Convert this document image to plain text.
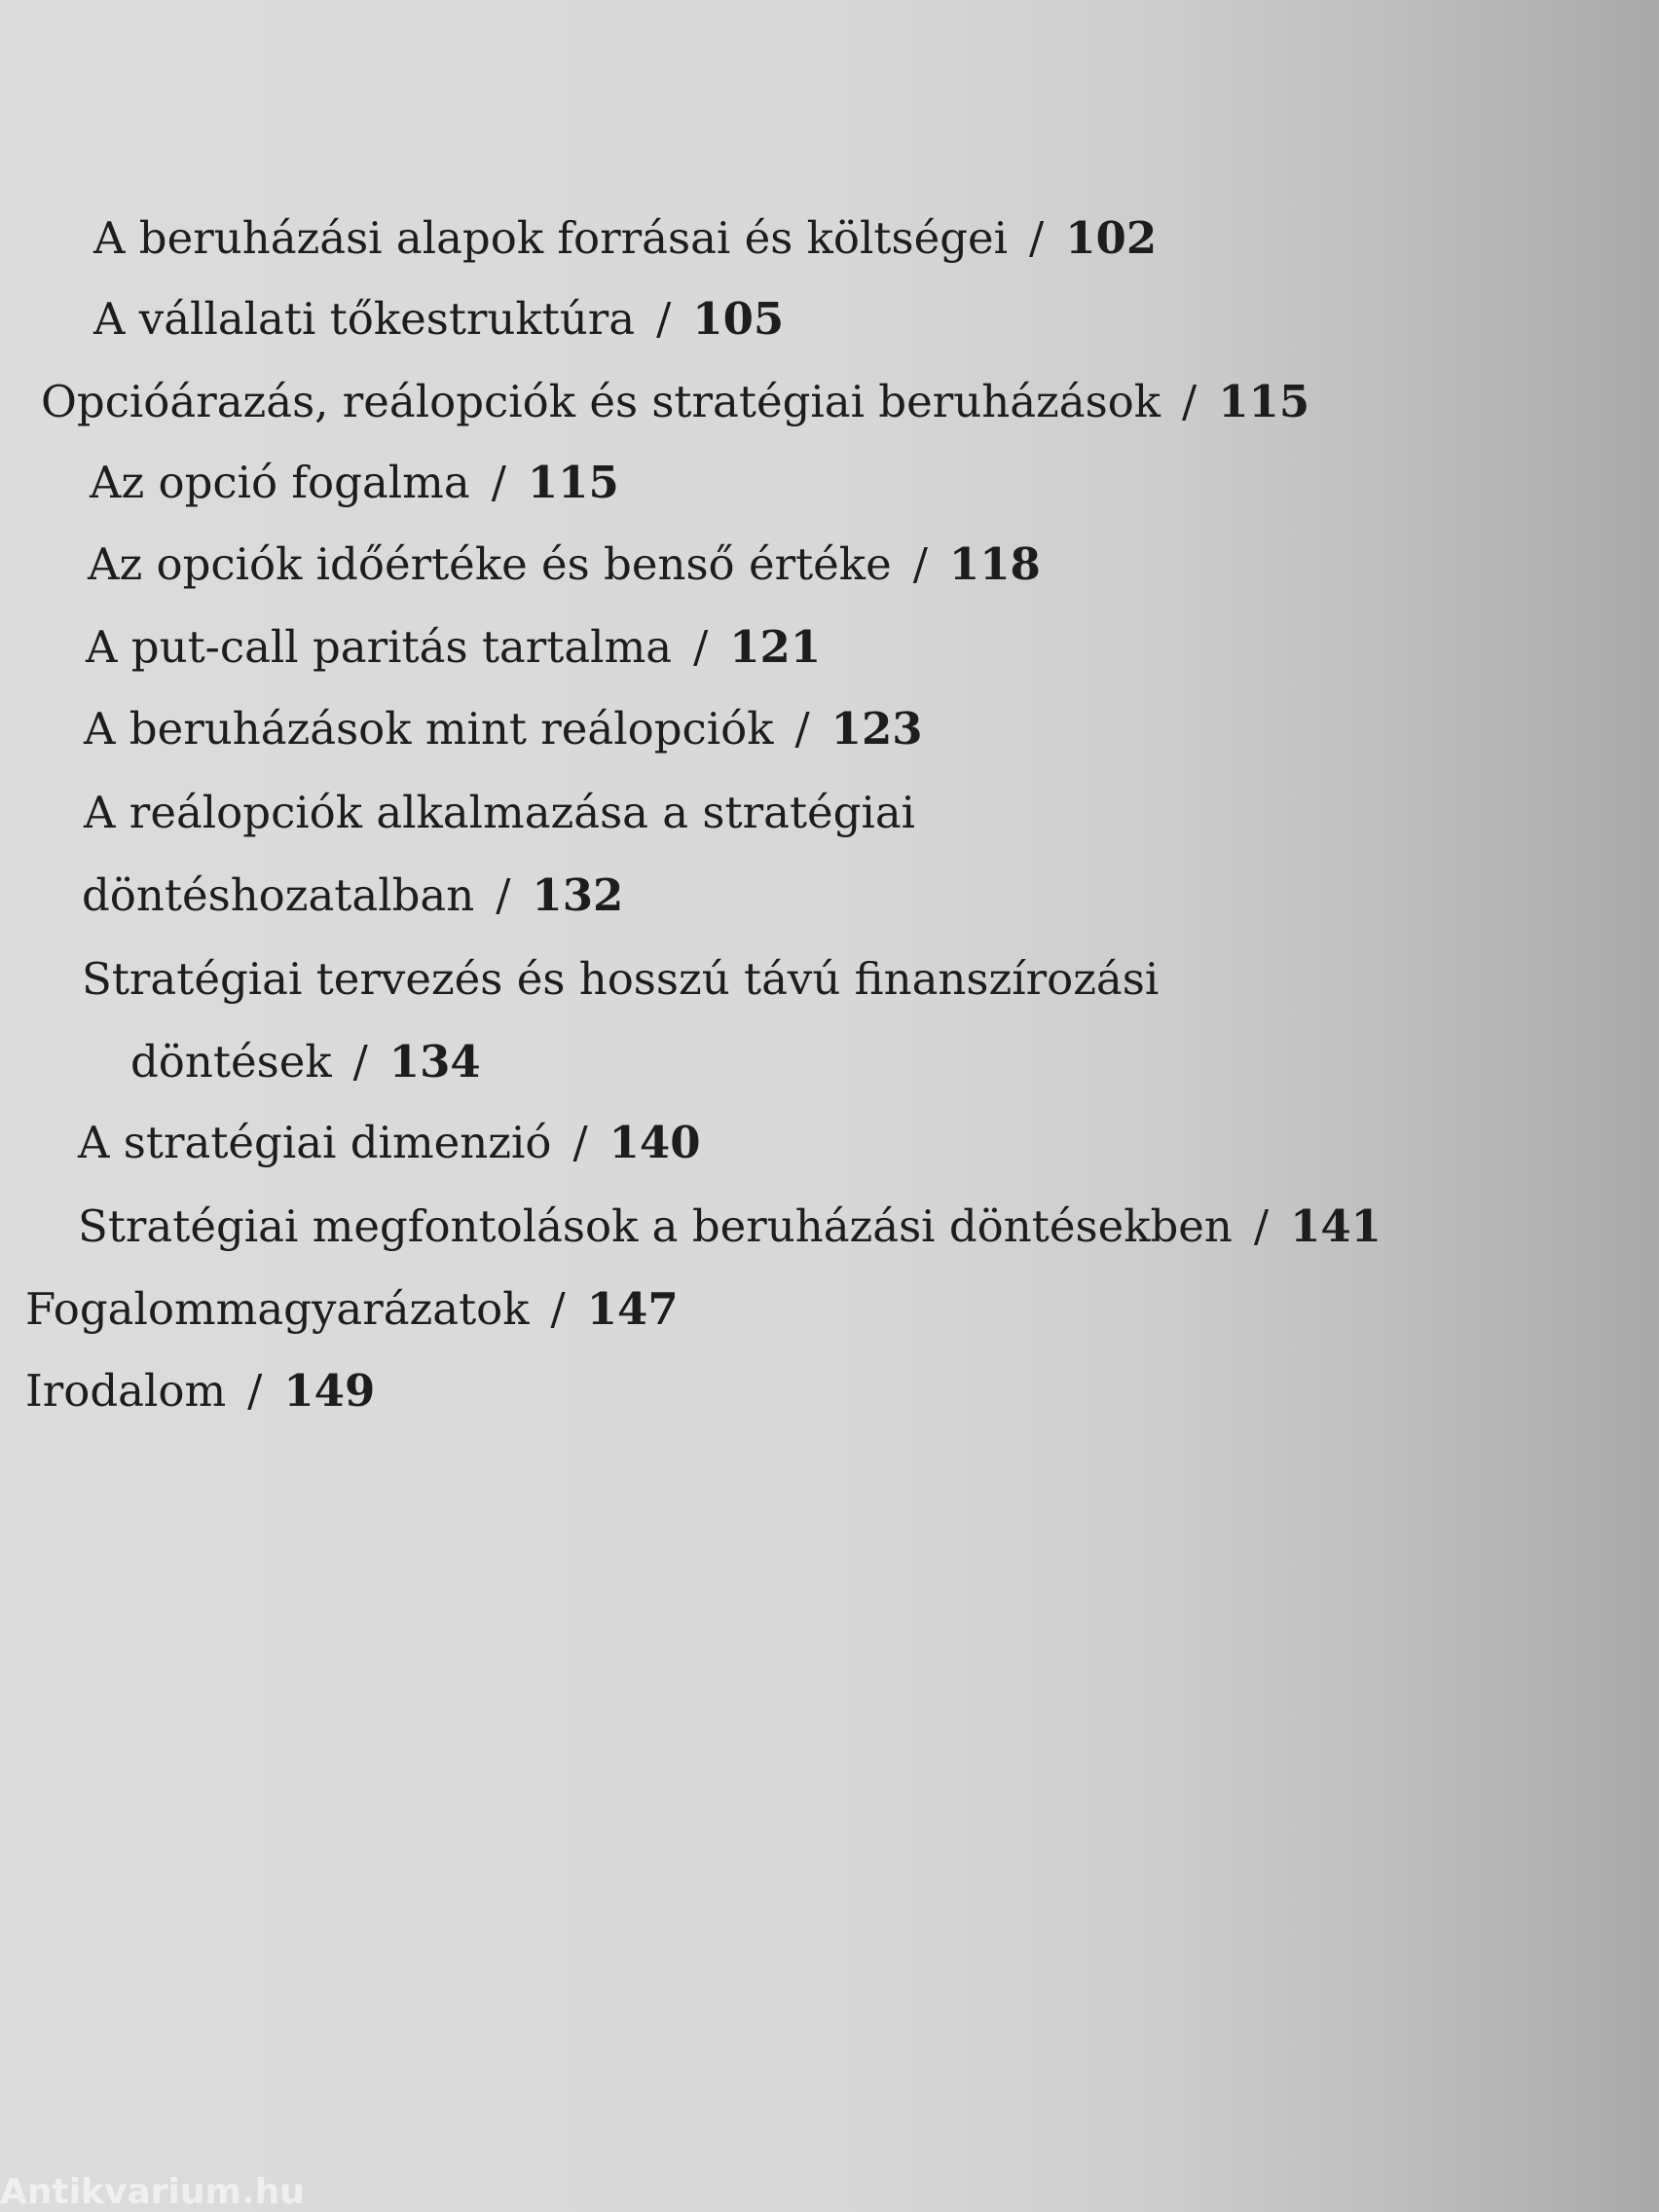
A beruházási alapok forrásai és költségei / 102
A vállalati tőkestruktúra / 105
Opcióárazás, reálopciók és stratégiai beruházások / 115
Az opció fogalma / 115
Az opciók időértéke és benső értéke / 118
A put-call paritás tartalma / 121
A beruházások mint reálopciók / 123
A reálopciók alkalmazása a stratégiai
döntéshozatalban / 132
Stratégiai tervezés és hosszú távú finanszírozási
döntések / 134
A stratégiai dimenzió / 140
Stratégiai megfontolások a beruházási döntésekben / 141
Fogalommagyarázatok / 147
Irodalom / 149
Antikvarium.hu
